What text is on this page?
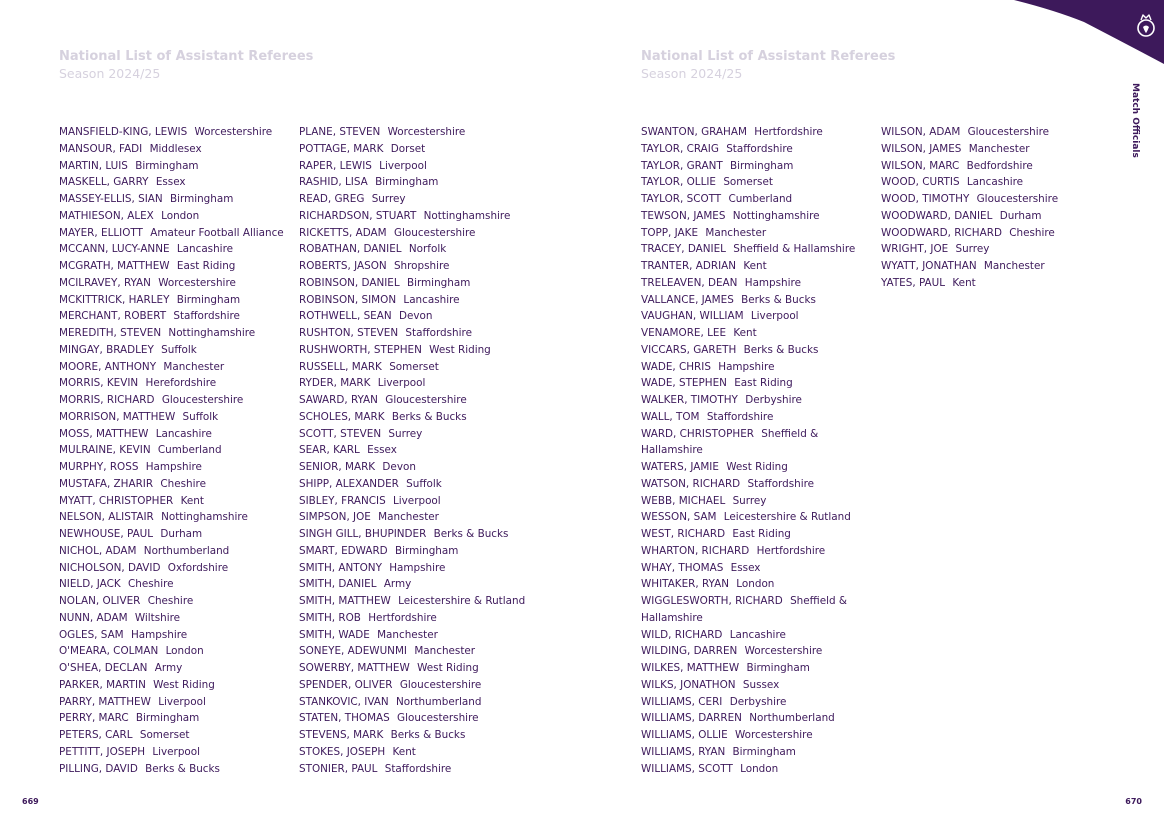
National List of Assistant Referees
Season 2024/25
National List of Assistant Referees
Season 2024/25
MANSFIELD-KING, LEWIS Worcestershire
MANSOUR, FADI Middlesex
MARTIN, LUIS Birmingham
MASKELL, GARRY Essex
MASSEY-ELLIS, SIAN Birmingham
MATHIESON, ALEX London
MAYER, ELLIOTT Amateur Football Alliance
MCCANN, LUCY-ANNE Lancashire
MCGRATH, MATTHEW East Riding
MCILRAVEY, RYAN Worcestershire
MCKITTRICK, HARLEY Birmingham
MERCHANT, ROBERT Staffordshire
MEREDITH, STEVEN Nottinghamshire
MINGAY, BRADLEY Suffolk
MOORE, ANTHONY Manchester
MORRIS, KEVIN Herefordshire
MORRIS, RICHARD Gloucestershire
MORRISON, MATTHEW Suffolk
MOSS, MATTHEW Lancashire
MULRAINE, KEVIN Cumberland
MURPHY, ROSS Hampshire
MUSTAFA, ZHARIR Cheshire
MYATT, CHRISTOPHER Kent
NELSON, ALISTAIR Nottinghamshire
NEWHOUSE, PAUL Durham
NICHOL, ADAM Northumberland
NICHOLSON, DAVID Oxfordshire
NIELD, JACK Cheshire
NOLAN, OLIVER Cheshire
NUNN, ADAM Wiltshire
OGLES, SAM Hampshire
O'MEARA, COLMAN London
O'SHEA, DECLAN Army
PARKER, MARTIN West Riding
PARRY, MATTHEW Liverpool
PERRY, MARC Birmingham
PETERS, CARL Somerset
PETTITT, JOSEPH Liverpool
PILLING, DAVID Berks & Bucks
PLANE, STEVEN Worcestershire
POTTAGE, MARK Dorset
RAPER, LEWIS Liverpool
RASHID, LISA Birmingham
READ, GREG Surrey
RICHARDSON, STUART Nottinghamshire
RICKETTS, ADAM Gloucestershire
ROBATHAN, DANIEL Norfolk
ROBERTS, JASON Shropshire
ROBINSON, DANIEL Birmingham
ROBINSON, SIMON Lancashire
ROTHWELL, SEAN Devon
RUSHTON, STEVEN Staffordshire
RUSHWORTH, STEPHEN West Riding
RUSSELL, MARK Somerset
RYDER, MARK Liverpool
SAWARD, RYAN Gloucestershire
SCHOLES, MARK Berks & Bucks
SCOTT, STEVEN Surrey
SEAR, KARL Essex
SENIOR, MARK Devon
SHIPP, ALEXANDER Suffolk
SIBLEY, FRANCIS Liverpool
SIMPSON, JOE Manchester
SINGH GILL, BHUPINDER Berks & Bucks
SMART, EDWARD Birmingham
SMITH, ANTONY Hampshire
SMITH, DANIEL Army
SMITH, MATTHEW Leicestershire & Rutland
SMITH, ROB Hertfordshire
SMITH, WADE Manchester
SONEYE, ADEWUNMI Manchester
SOWERBY, MATTHEW West Riding
SPENDER, OLIVER Gloucestershire
STANKOVIC, IVAN Northumberland
STATEN, THOMAS Gloucestershire
STEVENS, MARK Berks & Bucks
STOKES, JOSEPH Kent
STONIER, PAUL Staffordshire
SWANTON, GRAHAM Hertfordshire
TAYLOR, CRAIG Staffordshire
TAYLOR, GRANT Birmingham
TAYLOR, OLLIE Somerset
TAYLOR, SCOTT Cumberland
TEWSON, JAMES Nottinghamshire
TOPP, JAKE Manchester
TRACEY, DANIEL Sheffield & Hallamshire
TRANTER, ADRIAN Kent
TRELEAVEN, DEAN Hampshire
VALLANCE, JAMES Berks & Bucks
VAUGHAN, WILLIAM Liverpool
VENAMORE, LEE Kent
VICCARS, GARETH Berks & Bucks
WADE, CHRIS Hampshire
WADE, STEPHEN East Riding
WALKER, TIMOTHY Derbyshire
WALL, TOM Staffordshire
WARD, CHRISTOPHER Sheffield & Hallamshire
WATERS, JAMIE West Riding
WATSON, RICHARD Staffordshire
WEBB, MICHAEL Surrey
WESSON, SAM Leicestershire & Rutland
WEST, RICHARD East Riding
WHARTON, RICHARD Hertfordshire
WHAY, THOMAS Essex
WHITAKER, RYAN London
WIGGLESWORTH, RICHARD Sheffield & Hallamshire
WILD, RICHARD Lancashire
WILDING, DARREN Worcestershire
WILKES, MATTHEW Birmingham
WILKS, JONATHON Sussex
WILLIAMS, CERI Derbyshire
WILLIAMS, DARREN Northumberland
WILLIAMS, OLLIE Worcestershire
WILLIAMS, RYAN Birmingham
WILLIAMS, SCOTT London
WILSON, ADAM Gloucestershire
WILSON, JAMES Manchester
WILSON, MARC Bedfordshire
WOOD, CURTIS Lancashire
WOOD, TIMOTHY Gloucestershire
WOODWARD, DANIEL Durham
WOODWARD, RICHARD Cheshire
WRIGHT, JOE Surrey
WYATT, JONATHAN Manchester
YATES, PAUL Kent
669	670
Match Officials
